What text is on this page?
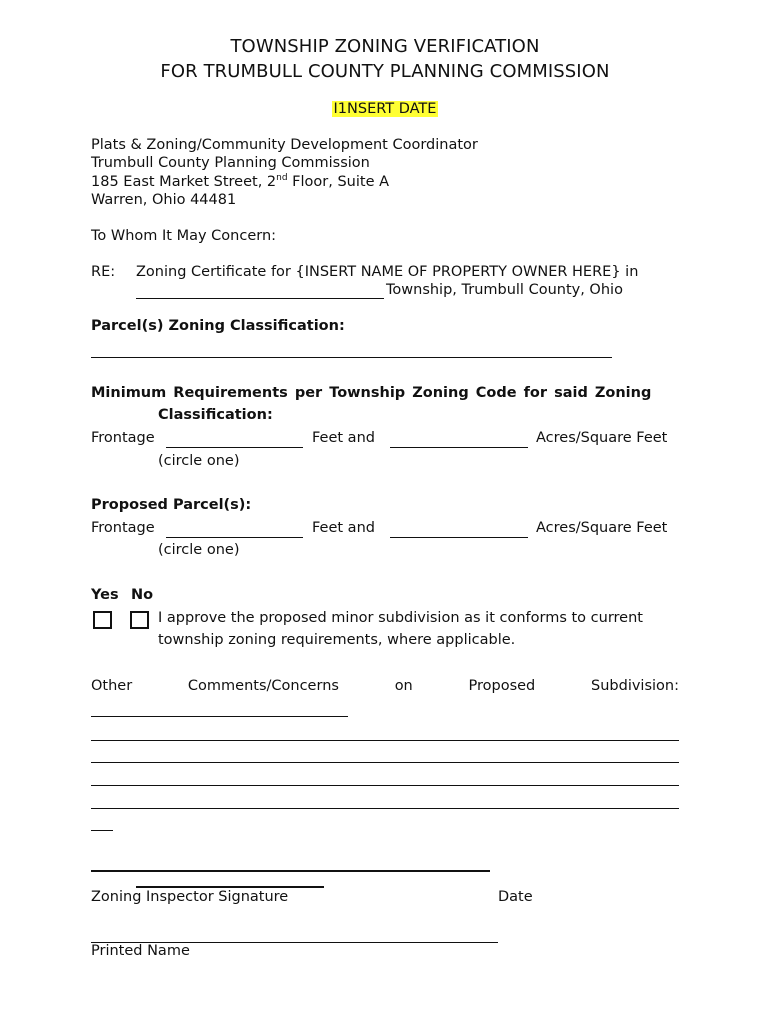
TOWNSHIP ZONING VERIFICATION
FOR TRUMBULL COUNTY PLANNING COMMISSION
I1NSERT DATE
Plats & Zoning/Community Development Coordinator
Trumbull County Planning Commission
185 East Market Street, 2nd Floor, Suite A
Warren, Ohio 44481
To Whom It May Concern:
RE: Zoning Certificate for {INSERT NAME OF PROPERTY OWNER HERE} in
Township, Trumbull County, Ohio
Parcel(s) Zoning Classification:
Minimum Requirements per Township Zoning Code for said Zoning
Classification:
Frontage	Feet and	Acres/Square Feet
(circle one)
Proposed Parcel(s):
Frontage	Feet and	Acres/Square Feet
(circle one)
Yes No
I approve the proposed minor subdivision as it conforms to current
township zoning requirements, where applicable.
Other	Comments/Concerns	on	Proposed	Subdivision:
Zoning Inspector Signature	Date
Printed Name
